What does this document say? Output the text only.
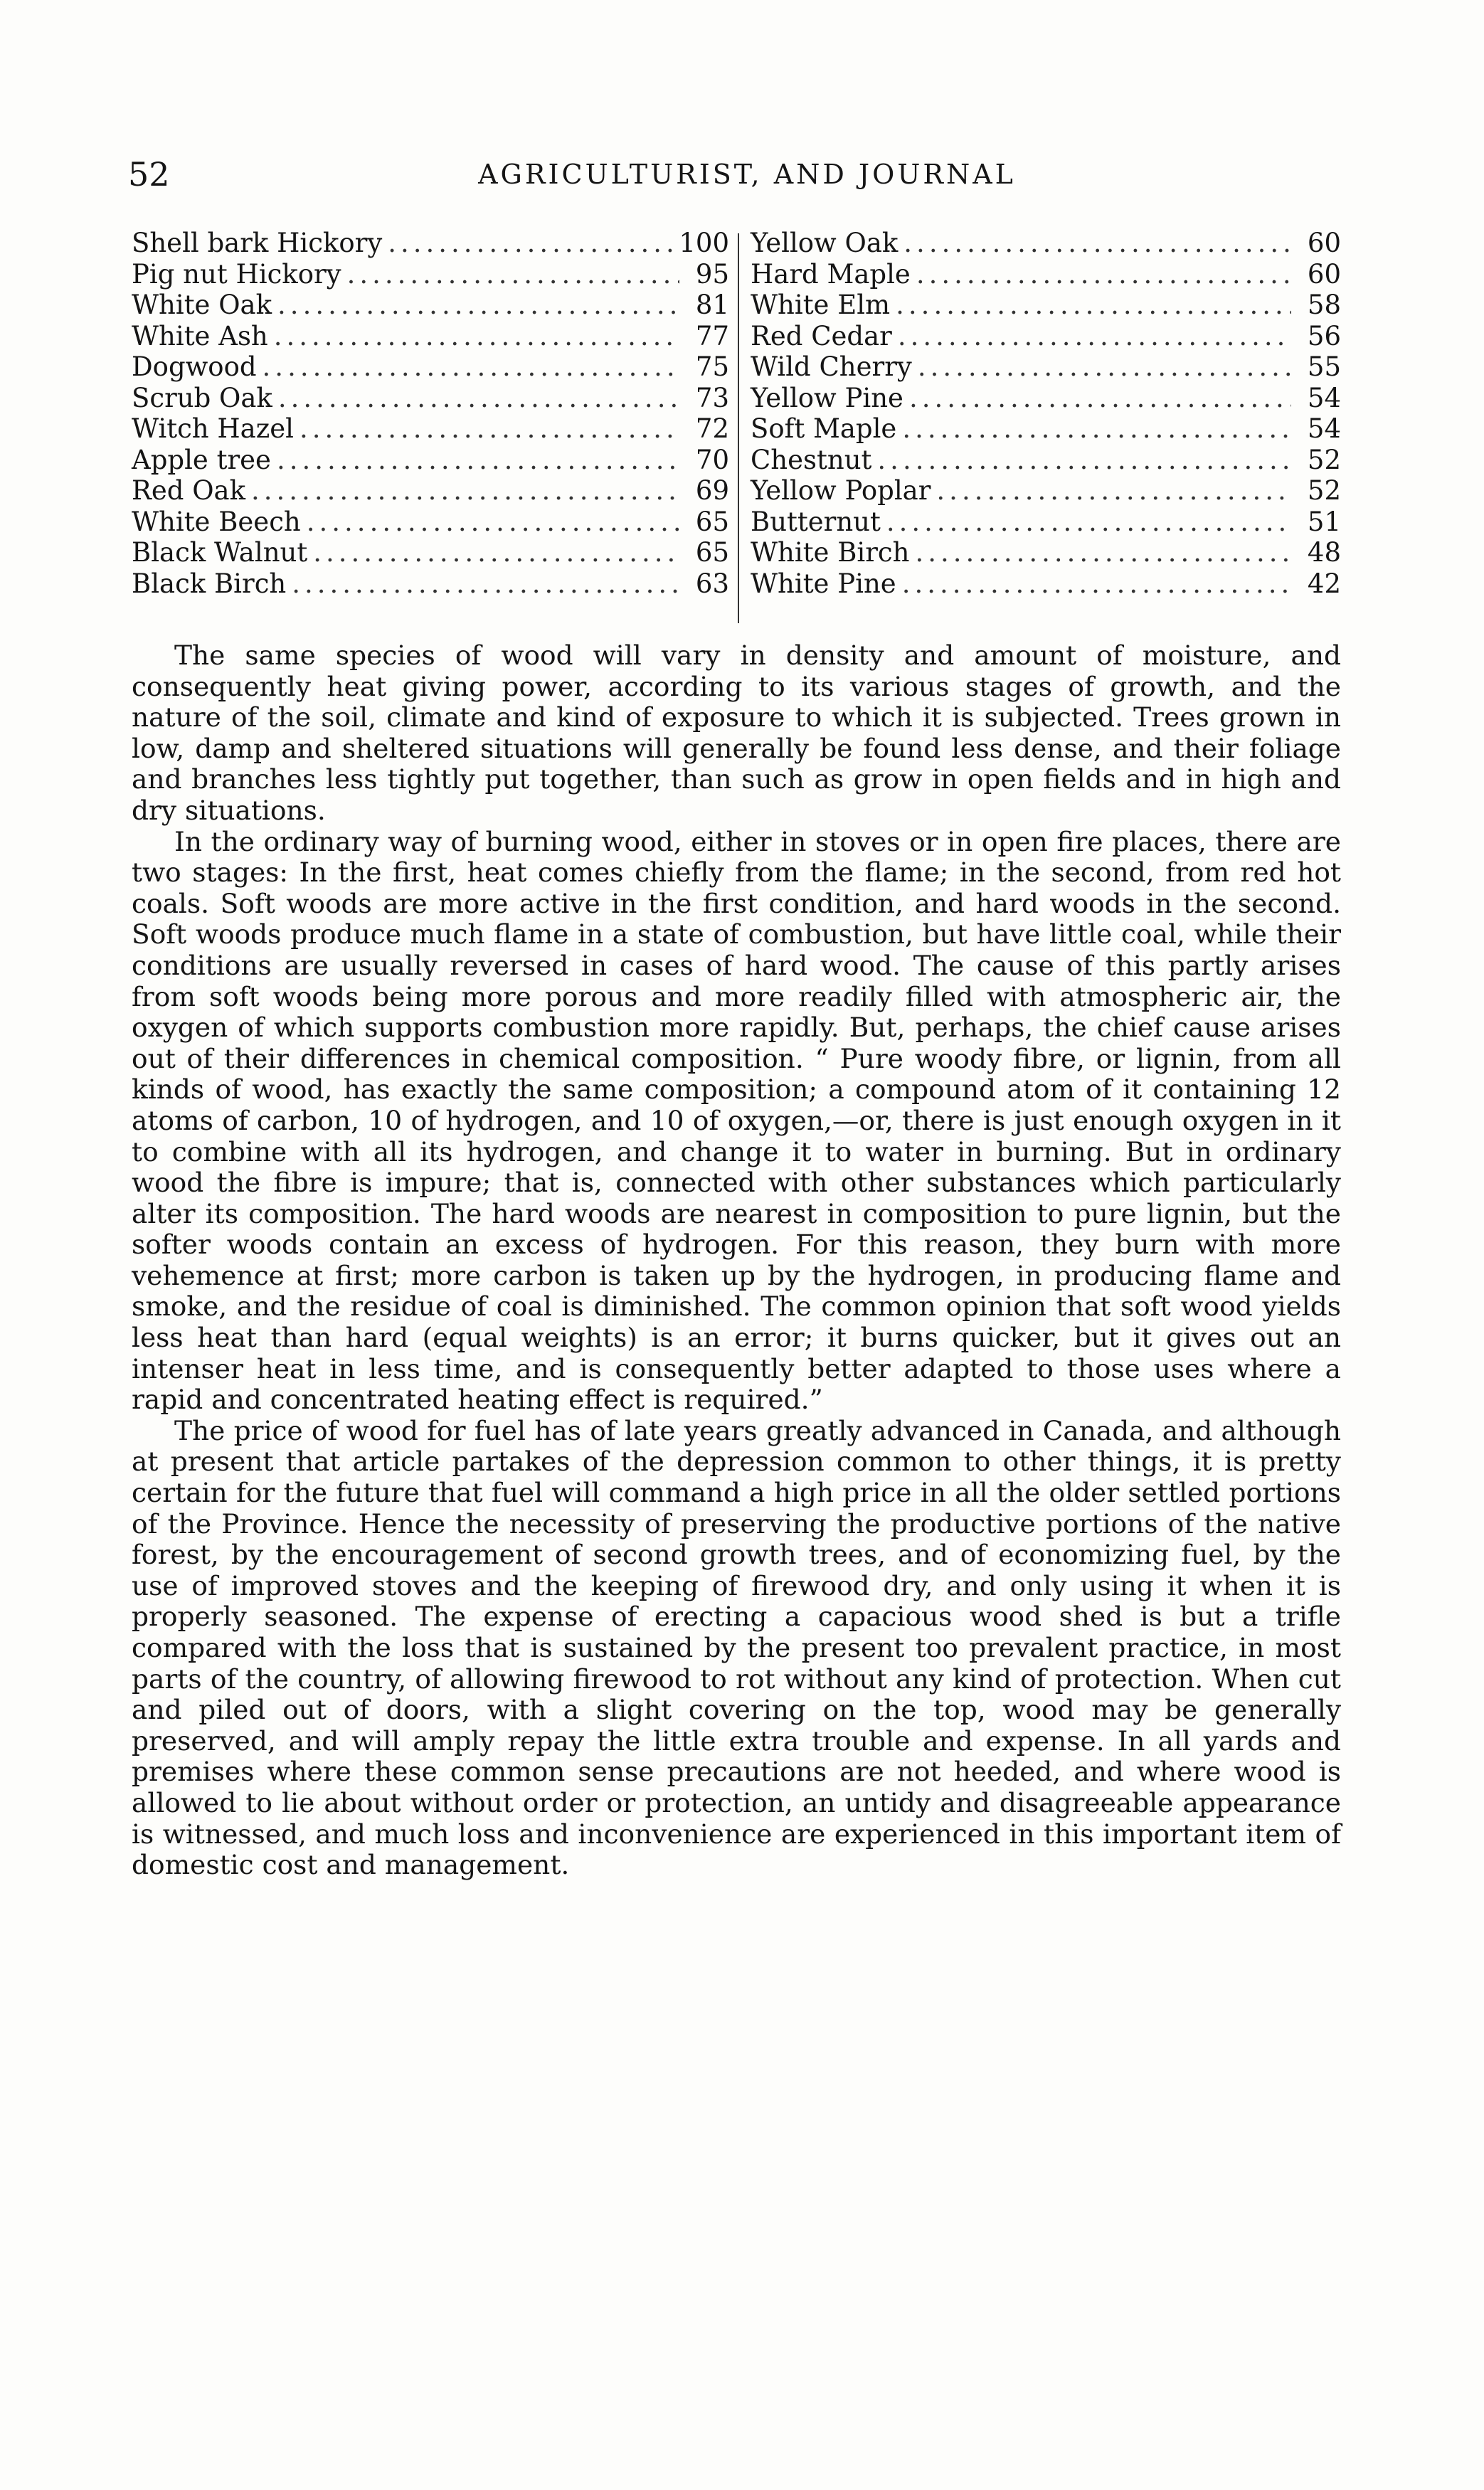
52	AGRICULTURIST, AND JOURNAL
Shell bark Hickory .....	100
Pig nut Hickory .....	95
White Oak .....	81
White Ash .....	77
Dogwood .....	75
Scrub Oak .....	73
Witch Hazel .....	72
Apple tree .....	70
Red Oak .....	69
White Beech .....	65
Black Walnut .....	65
Black Birch .....	63
Yellow Oak .....	60
Hard Maple .....	60
White Elm .....	58
Red Cedar .....	56
Wild Cherry .....	55
Yellow Pine .....	54
Soft Maple .....	54
Chestnut .....	52
Yellow Poplar .....	52
Butternut .....	51
White Birch .....	48
White Pine .....	42

The same species of wood will vary in density and amount of moisture, and consequently heat giving power, according to its various stages of growth, and the nature of the soil, climate and kind of exposure to which it is subjected. Trees grown in low, damp and sheltered situations will generally be found less dense, and their foliage and branches less tightly put together, than such as grow in open fields and in high and dry situations.

In the ordinary way of burning wood, either in stoves or in open fire places, there are two stages: In the first, heat comes chiefly from the flame; in the second, from red hot coals. Soft woods are more active in the first condition, and hard woods in the second. Soft woods produce much flame in a state of combustion, but have little coal, while their conditions are usually reversed in cases of hard wood. The cause of this partly arises from soft woods being more porous and more readily filled with atmospheric air, the oxygen of which supports combustion more rapidly. But, perhaps, the chief cause arises out of their differences in chemical composition. “ Pure woody fibre, or lignin, from all kinds of wood, has exactly the same composition; a compound atom of it containing 12 atoms of carbon, 10 of hydrogen, and 10 of oxygen,—or, there is just enough oxygen in it to combine with all its hydrogen, and change it to water in burning. But in ordinary wood the fibre is impure; that is, connected with other substances which particularly alter its composition. The hard woods are nearest in composition to pure lignin, but the softer woods contain an excess of hydrogen. For this reason, they burn with more vehemence at first; more carbon is taken up by the hydrogen, in producing flame and smoke, and the residue of coal is diminished. The common opinion that soft wood yields less heat than hard (equal weights) is an error; it burns quicker, but it gives out an intenser heat in less time, and is consequently better adapted to those uses where a rapid and concentrated heating effect is required.”

The price of wood for fuel has of late years greatly advanced in Canada, and although at present that article partakes of the depression common to other things, it is pretty certain for the future that fuel will command a high price in all the older settled portions of the Province. Hence the necessity of preserving the productive portions of the native forest, by the encouragement of second growth trees, and of economizing fuel, by the use of improved stoves and the keeping of firewood dry, and only using it when it is properly seasoned. The expense of erecting a capacious wood shed is but a trifle compared with the loss that is sustained by the present too prevalent practice, in most parts of the country, of allowing firewood to rot without any kind of protection. When cut and piled out of doors, with a slight covering on the top, wood may be generally preserved, and will amply repay the little extra trouble and expense. In all yards and premises where these common sense precautions are not heeded, and where wood is allowed to lie about without order or protection, an untidy and disagreeable appearance is witnessed, and much loss and inconvenience are experienced in this important item of domestic cost and management.
